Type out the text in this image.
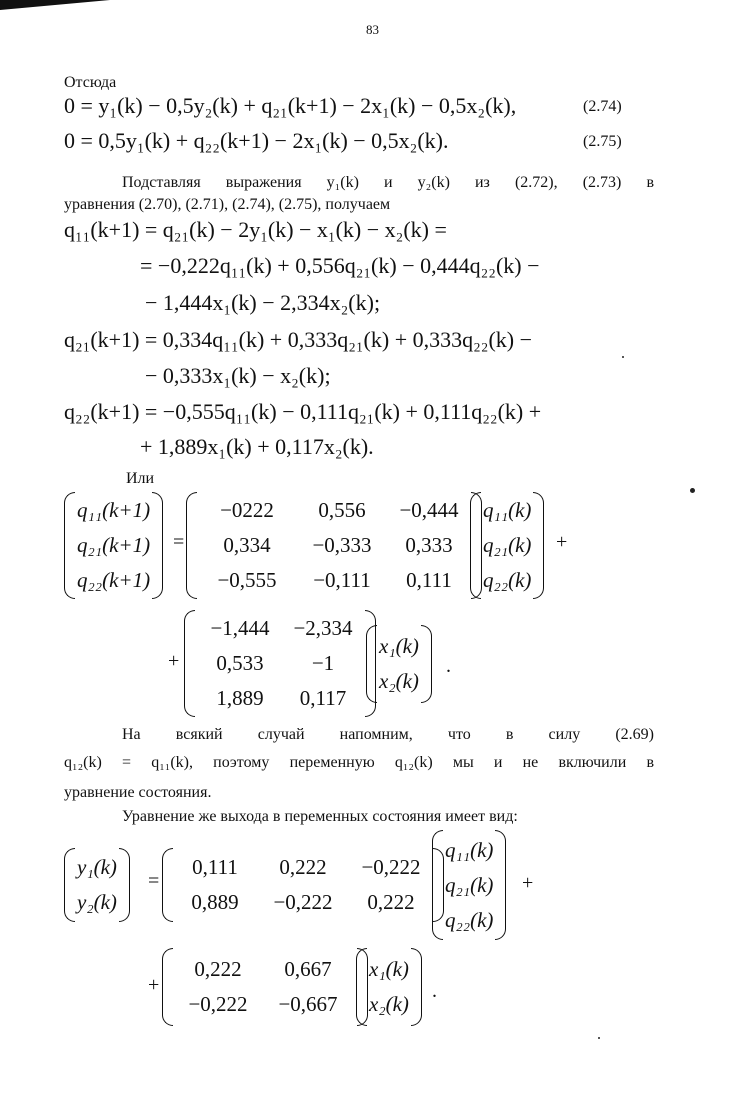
83

Отсюда

0 = y₁(k) − 0,5y₂(k) + q₂₁(k+1) − 2x₁(k) − 0,5x₂(k),	(2.74)

0 = 0,5y₁(k) + q₂₂(k+1) − 2x₁(k) − 0,5x₂(k).	(2.75)

Подставляя выражения y₁(k) и y₂(k) из (2.72), (2.73) в

уравнения (2.70), (2.71), (2.74), (2.75), получаем

q₁₁(k+1) = q₂₁(k) − 2y₁(k) − x₁(k) − x₂(k) =

= −0,222q₁₁(k) + 0,556q₂₁(k) − 0,444q₂₂(k) −

− 1,444x₁(k) − 2,334x₂(k);

q₂₁(k+1) = 0,334q₁₁(k) + 0,333q₂₁(k) + 0,333q₂₂(k) −

− 0,333x₁(k) − x₂(k);

q₂₂(k+1) = −0,555q₁₁(k) − 0,111q₂₁(k) + 0,111q₂₂(k) +

+ 1,889x₁(k) + 0,117x₂(k).

Или

q₁₁(k+1)
q₂₁(k+1)
q₂₂(k+1)
=
−0222	0,556	−0,444
0,334	−0,333	0,333
−0,555	−0,111	0,111
q₁₁(k)
q₂₁(k)
q₂₂(k)
+
+
−1,444	−2,334
0,533	−1
1,889	0,117
x₁(k)
x₂(k)
.

На всякий случай напомним, что в силу (2.69)

q₁₂(k) = q₁₁(k), поэтому переменную q₁₂(k) мы и не включили в

уравнение состояния.

Уравнение же выхода в переменных состояния имеет вид:

y₁(k)
y₂(k)
=
0,111	0,222	−0,222
0,889	−0,222	0,222
q₁₁(k)
q₂₁(k)
q₂₂(k)
+
+
0,222	0,667
−0,222	−0,667
x₁(k)
x₂(k)
.
